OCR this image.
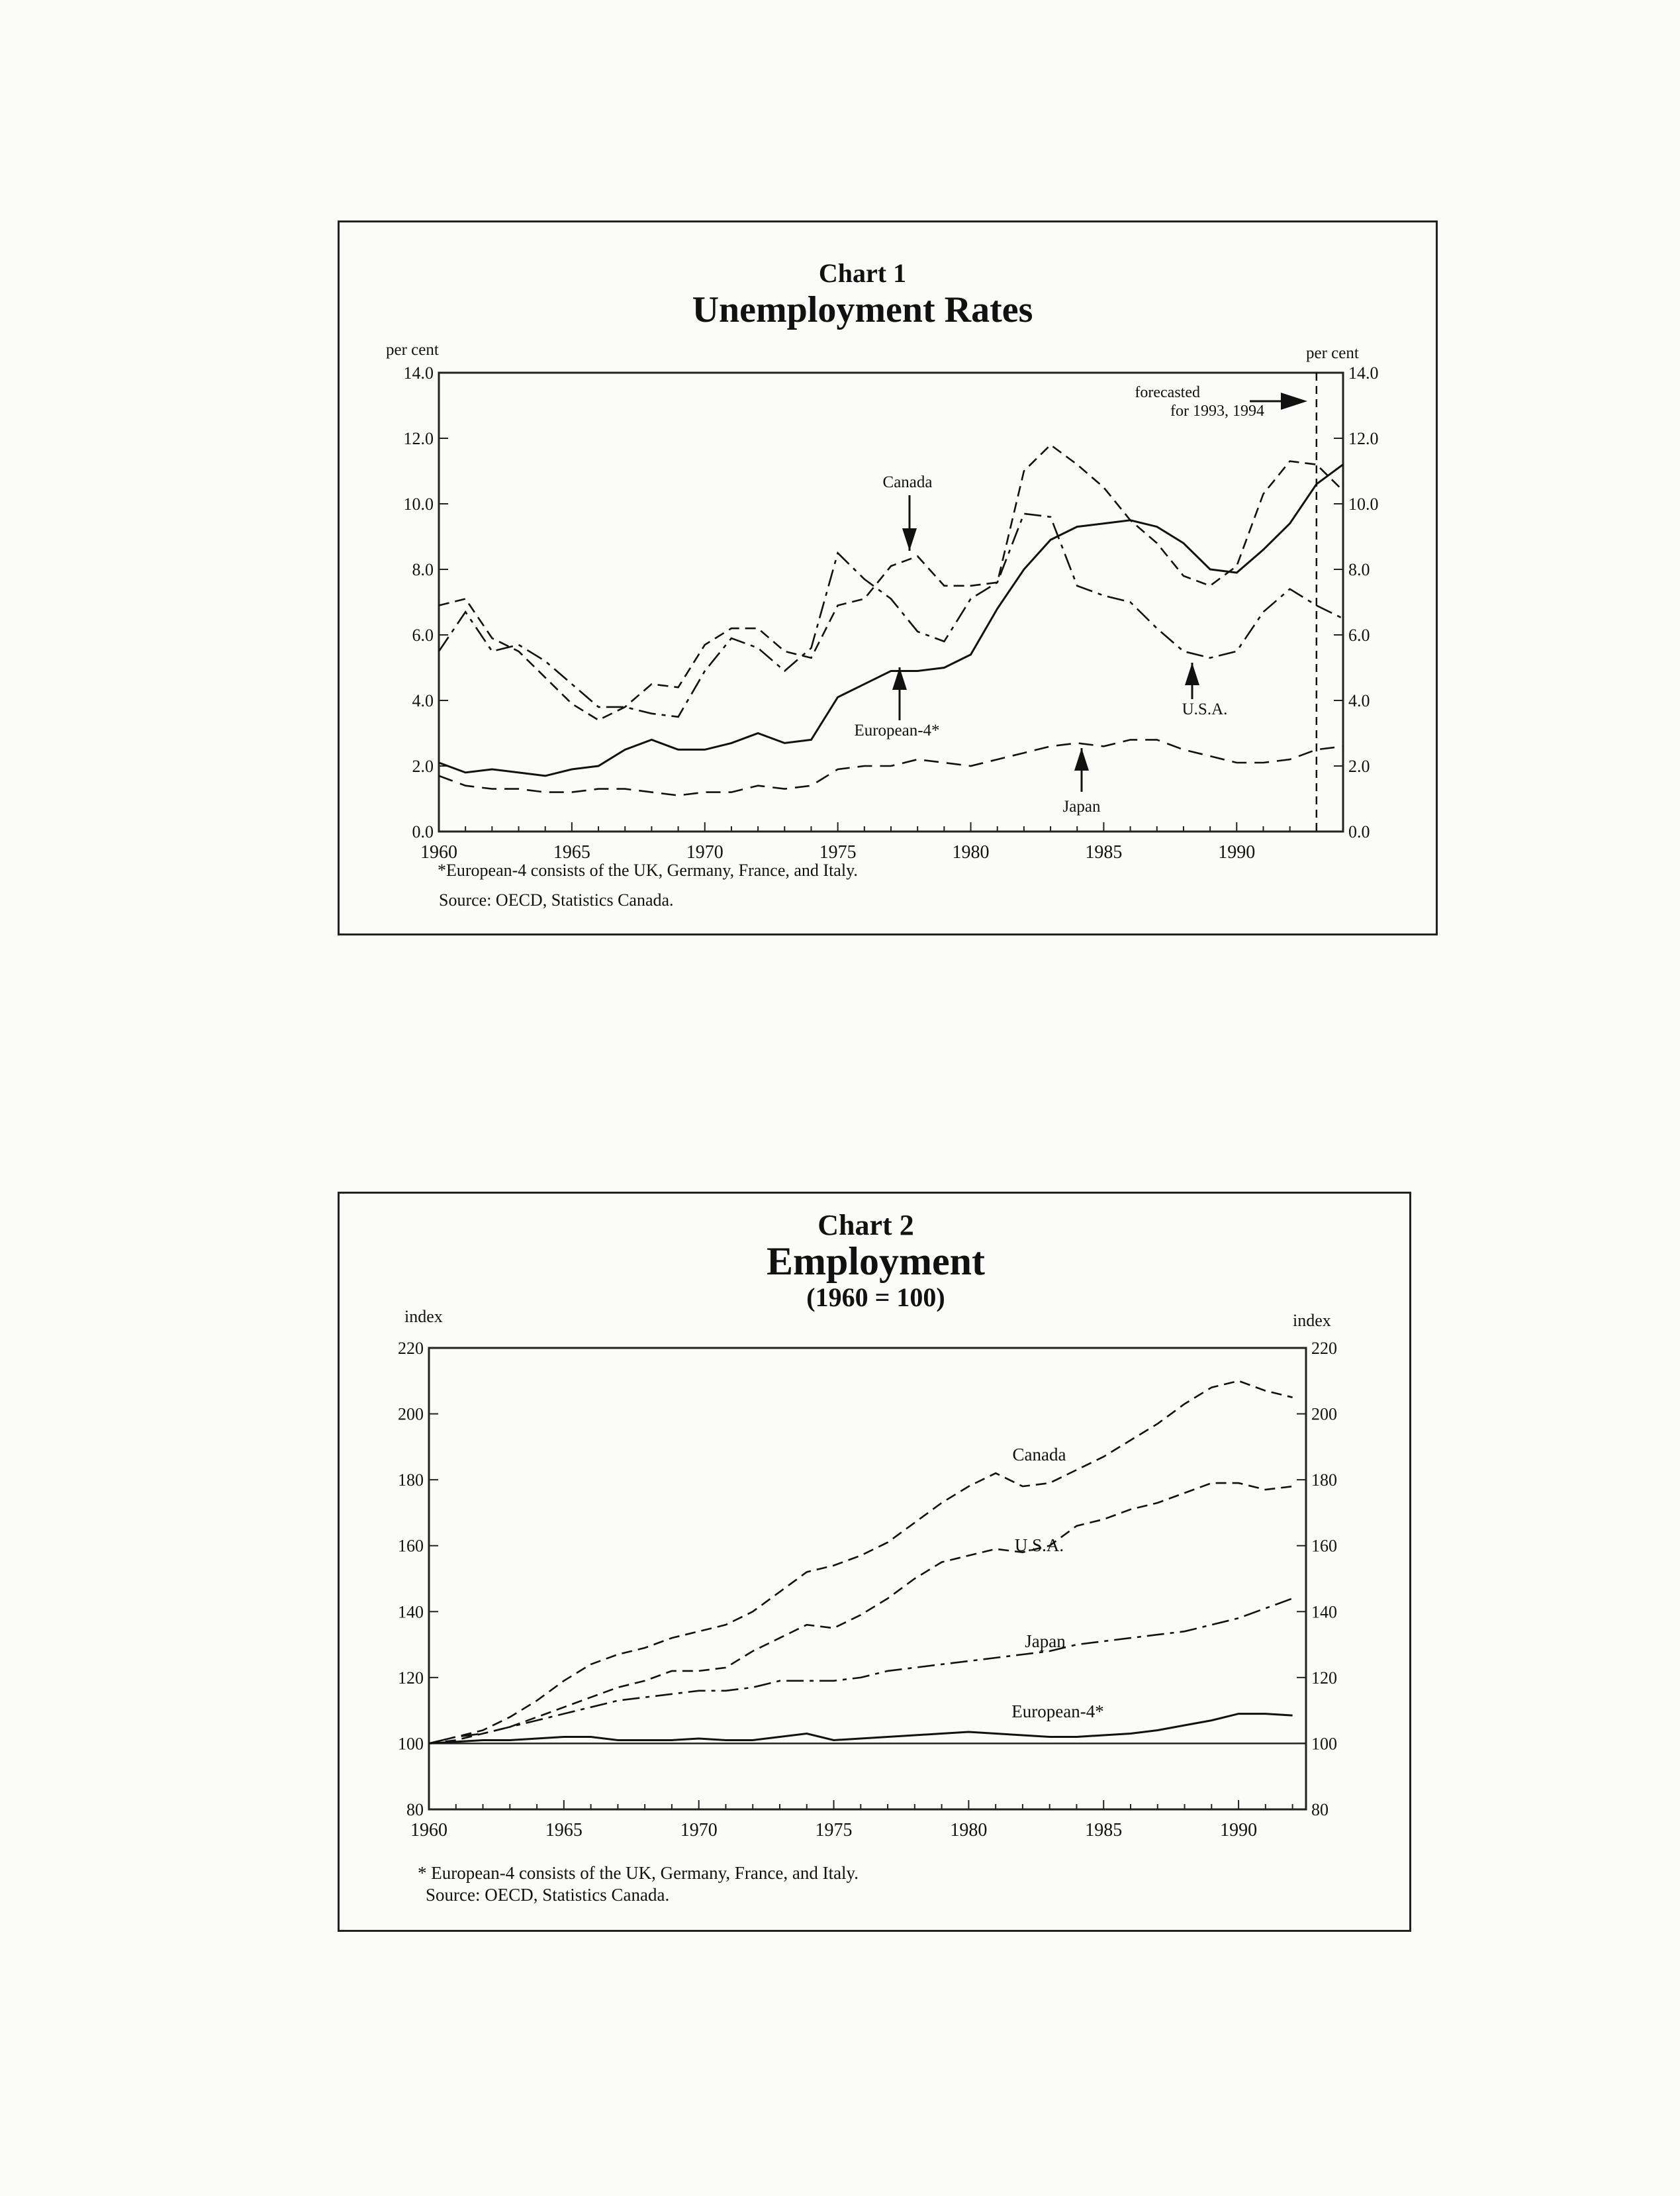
Chart 1
Unemployment Rates
per cent	per cent
0.0	0.0
2.0	2.0
4.0	4.0
6.0	6.0
8.0	8.0
10.0	10.0
12.0	12.0
14.0	14.0
1960	1965	1970	1975	1980	1985	1990
forecasted
for 1993, 1994
Canada
European-4*
U.S.A.
Japan
*European-4 consists of the UK, Germany, France, and Italy.
Source: OECD, Statistics Canada.
Chart 2
Employment
(1960 = 100)
index	index
80	80
100	100
120	120
140	140
160	160
180	180
200	200
220	220
1960	1965	1970	1975	1980	1985	1990
Canada
U.S.A.
Japan
European-4*
* European-4 consists of the UK, Germany, France, and Italy.
Source: OECD, Statistics Canada.
